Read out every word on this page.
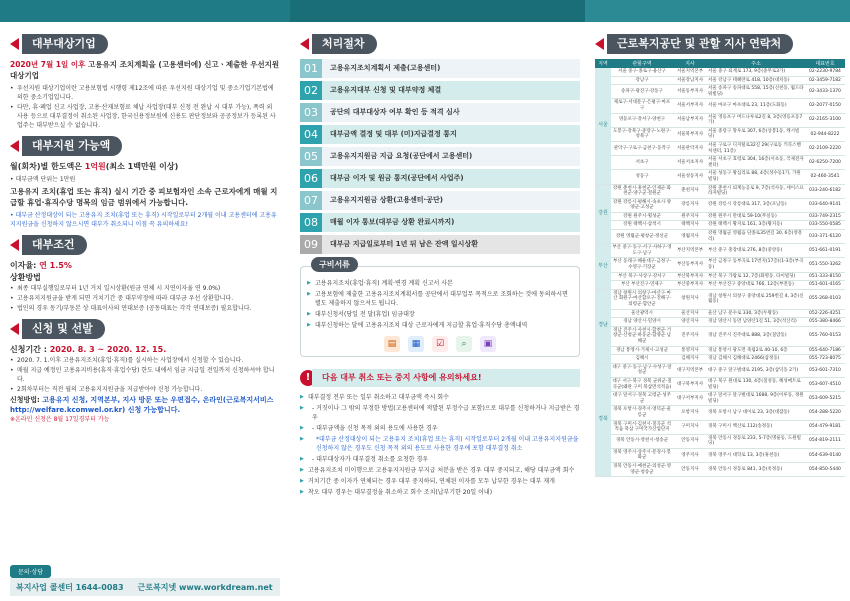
대부대상기업
2020년 7월 1일 이후 고용유지 조치계획을 (고용센터에) 신고ㆍ제출한 우선지원 대상기업
• 우선지원 대상기업이란 고용보험법 시행령 제12조에 따른 우선지원 대상기업 및 중소기업기본법에 의한 중소기업입니다.
• 다만, 휴·폐업 신고 사업장, 고용·산재보험료 체납 사업장(대부 신청 전 완납 시 대부 가능), 폭력 외 사용 등으로 대부결정이 취소된 사업장, 한국신용정보원에 신용도 판단정보와 공공정보가 등록된 사업주는 대부받으실 수 없습니다.
대부지원 가능액
월(회차)별 한도액은 1억원(최소 1백만원 이상)
• 대부금액 단위는 1만원
고용유지 조치(휴업 또는 휴직) 실시 기간 중 피보험자인 소속 근로자에게 매월 지급할 휴업·휴직수당 명목의 임금 범위에서 가능합니다.
• 대부금 산정대상이 되는 고용유지 조치(휴업 또는 휴직) 시작일로부터 2개월 이내 고용센터에 고용유지지원금을 신청하지 않으시면 대부가 취소되니 이점 꼭 유의하세요!
대부조건
이자율: 연 1.5%
상환방법
• 최종 대부실행일로부터 1년 거치 일시상환(원금 연체 시 지연이자율 연 9.0%)
• 고용유지지원금을 받게 되면 거치기간 중 대부약정에 따라 대부금 우선 상환합니다.
• 법인의 경우 동기/부동본 상 대표이사의 연대보증 (공동대표는 각각 연대보증) 필요합니다.
신청 및 선발
신청기간 : 2020. 8. 3 ~ 2020. 12. 15.
• 2020. 7. 1.이후 고용유지조치(휴업·휴직)를 실시하는 사업장에서 신청할 수 있습니다.
• 매월 지급 예정인 고용유지비용(휴직·휴업수당) 한도 내에서 임금 지급일 전일까지 신청하셔야 합니다.
• 2회차부터는 직전 월의 고용유지지원금을 지급받아야 신청 가능합니다.
신청방법: 고용유지 신청, 지역본부, 지사 방문 또는 우편접수, 온라인(근로복지서비스http://welfare.kcomwel.or.kr) 신청 가능합니다.
※온라인 신청은 8월 17일경부터 가능
문의·상담
복지사업 콜센터 1644-0083 근로복지넷 www.workdream.net
처리절차
01	고용유지조치계획서 제출(고용센터)
02	고용유지대부 신청 및 대부약정 체결
03	공단의 대부대상자 여부 확인 등 적격 심사
04	대부금액 결정 및 대부 (미)지급결정 통지
05	고용유지지원금 지급 요청(공단에서 고용센터)
06	대부금 이자 및 원금 통지(공단에서 사업주)
07	고용유지지원금 상환(고용센터·공단)
08	매월 이자 통보(대부금 상환 완료시까지)
09	대부금 지급일로부터 1년 뒤 남은 잔액 일시상환
구비서류
▶ 고용유지조치(휴업·휴직) 계획·변경 계획 신고서 사본
▶ 고용보험에 제출한 고용유지조치계획서를 공단에서 대부업무 목적으로 조회하는 것에 동의하시면 별도 제출하지 않으셔도 됩니다.
▶ 대부신청서(당일 전 달(휴업) 임금대장
▶ 대부신청하는 달에 고용유지조치 대상 근로자에게 지급할 휴업·휴직수당 총액내역
▤	▦	☑	⌕	▣
!	다음 대부 취소 또는 중지 사항에 유의하세요!
▶ 대부결정 전부 또는 일부 취소하고 대부금액 즉시 회수
▶ - 거짓이나 그 밖의 부정한 방법(고용센터에 적발된 부정수급 포함)으로 대부를 신청하거나 지급받은 경우
▶ - 대부금액을 신청 목적 외의 용도에 사용한 경우
▶ *대부금 산정대상이 되는 고용유지 조치(휴업 또는 휴직) 시작일로부터 2개월 이내 고용유지지원금을 신청하지 않은 경우도 신청 목적 외의 용도로 사용한 경우에 포함 대부결정 취소
▶ - 대부대상자가 대부결정 취소를 요청한 경우
▶ 고용유지조치 미이행으로 고용유지지원금 부지급 처분을 받은 경우 대부 중지되고, 해당 대부금액 회수
▶ 거치기간 중 이자가 연체되는 경우 대부 중지하되, 연체된 이자를 모두 납부한 경우는 대부 재개
▶ 착오 대부 경우는 대부결정을 취소하고 회수 조치(납부기한 20일 이내)
근로복지공단 및 관할 지사 연락처
지역	관할구역	지사	주소	대표번호
서울	서울 중구·종로구·용산구	서울지역본부	서울 중구 퇴계로 173, 9층(충무로3가)	02-2230-9784
	강남구	서울강남지사	서울 강남구 테헤란로 418, 10층(대치동)	02-3459-7182
	송파구·광진구·강동구	서울동부지사	서울 송파구 송파대로 558, 15층(신천동, 월드타워빌딩)	02-3433-1370
	제로구·서대문구·은평구·마포구	서울서부지사	서울 마포구 마포대로 23, 11층(도화동)	02-2077-0150
	영등포구·강서구·양천구	서울남부지사	서울 영등포구 버드나루로2길 8, 3층(영등포동7가)	02-2165-3100
	도봉구·강북구·중랑구·노원구·성북구	서울북부지사	서울 중랑구 망우로 307, 6층(상봉1동, 캐시빌딩)	02-944-8222
	관악구·구로구·금천구·동작구	서울관악지사	서울 구로구 디지털로32길 29(구로동 키콕스벤처센터, 11층)	02-2109-2220
	서초구	서울서초지사	서울 서초구 효령로 304, 16층(서초동, 국제전자센터)	02-6250-7200
	성동구	서울성동지사	서울 성동구 왕십리로 88, 4층(성수동1가, 가원빌딩)	02-460-3541
강원	강원 춘천시·홍천군·인제군·화천군·양구군·철원군	춘천지사	강원 춘천시 퇴계농공로 9, 7층(석사동, 세이스프라자빌딩)	033-240-6182
	강원 강릉시·평해시·속초시·양양군·고성군	강릉지사	강원 강릉시 강릉대로 317, 3층(포남동)	033-640-9141
	강원 원주시·횡성군	원주지사	강원 원주시 만대로 59-10(무실동)	033-749-2315
	강원 태백시·삼척시	태백지사	강원 태백시 황지로 161, 3층(황지동)	033-550-0585
	강원 영월군·평창군·정선군	영월지사	강원 영월군 영월읍 단종로35번길 30, 6층(영흥리)	033-371-6120
부산	부산 중구·동구·서구·사하구·영도구·남구	부산지역본부	부산 중구 충장대로 276, 8층(중앙동)	051-661-0191
	부산 동래구·해운대구·금정구·수영구·기장군	부산동부지사	부산 금정구 동부곡로 17번지(17층)(1-3층(부곡동)	051-550-3262
	부산 북구·사상구·강서구	부산북부지사	부산 북구 가람로 12, 7층(화명동, 타이빌딩)	051-333-8150
	부산 부산진구·연제구	부산중부지사	부산 부산진구 중앙대로 766, 12층(부전동)	051-601-4165
경남	경남 창원시 의창구·마산구·마산 회원구·마산합포구·진해구·의령군·함안군	창원지사	경남 창원시 의창구 중앙대로 259번길 4, 3층(신월동)	055-268-0103
	울산광역시	울산지사	울산 남구 문수로 330, 3층(두왕동)	052-226-4251
	경남 양산시·밀양시	양산지사	경남 양산시 동면 남양산1길 51, 3층(석산리)	055-380-8466
	경남 진주시·사천시·합천군·거창군·산청군·하동군·함양군·남해군	진주지사	경남 진주시 진주대로 888, 3층(칠암동)	055-760-0153
	경남 통영시·거제시·고성군	통영지사	경남 통영시 광도면 죽림2로 40-10, 6층	055-640-7186
	김해시	김해지사	경남 김해시 김해대로 2466(삼정동)	055-723-8075
경북	대구 중구·동구·남구·수성구·달성군	대구지역본부	대구 중구 달구벌대로 2195, 3층(삼덕동 2가)	053-601-7310
	대구 서구·북구 경북 군위군·칠곡군(왜관 구미 북삼면석적읍)	대구북부지사	대구 북구 원대로 130, 4층(칠성동, 해성메트로빌딩)	053-607-4510
	대구 달서구·경북 고령군·성주군	대구서부지사	대구 달서구 달구벌대로 1688, 9층(이루동, 정원빌딩)	053-609-5215
	경북 포항시·경주시·영덕군·울릉군	포항지사	경북 포항시 남구 대이로 23, 3층(대잠동)	054-288-5220
	경북 구미시·김천시·칠곡군 석적읍 북삼 구미국가산업단지	구미지사	경북 구미시 백산로 112(송정동)	054-479-9181
	경북 안동시·영천시·청송군	안동지사	경북 안동시 경동로 233, 5-7층(명륜동, 도원빌딩)	054-819-2111
	경북 영주시·상주시·문경시·봉화군	영주지사	경북 영주시 대학로 13, 3층(휴천동)	054-639-0140
	경북 안동시·예천군·의성군·영양군·청송군	안동지사	경북 안동시 경동로 841, 3층(옥정동)	054-850-5440
